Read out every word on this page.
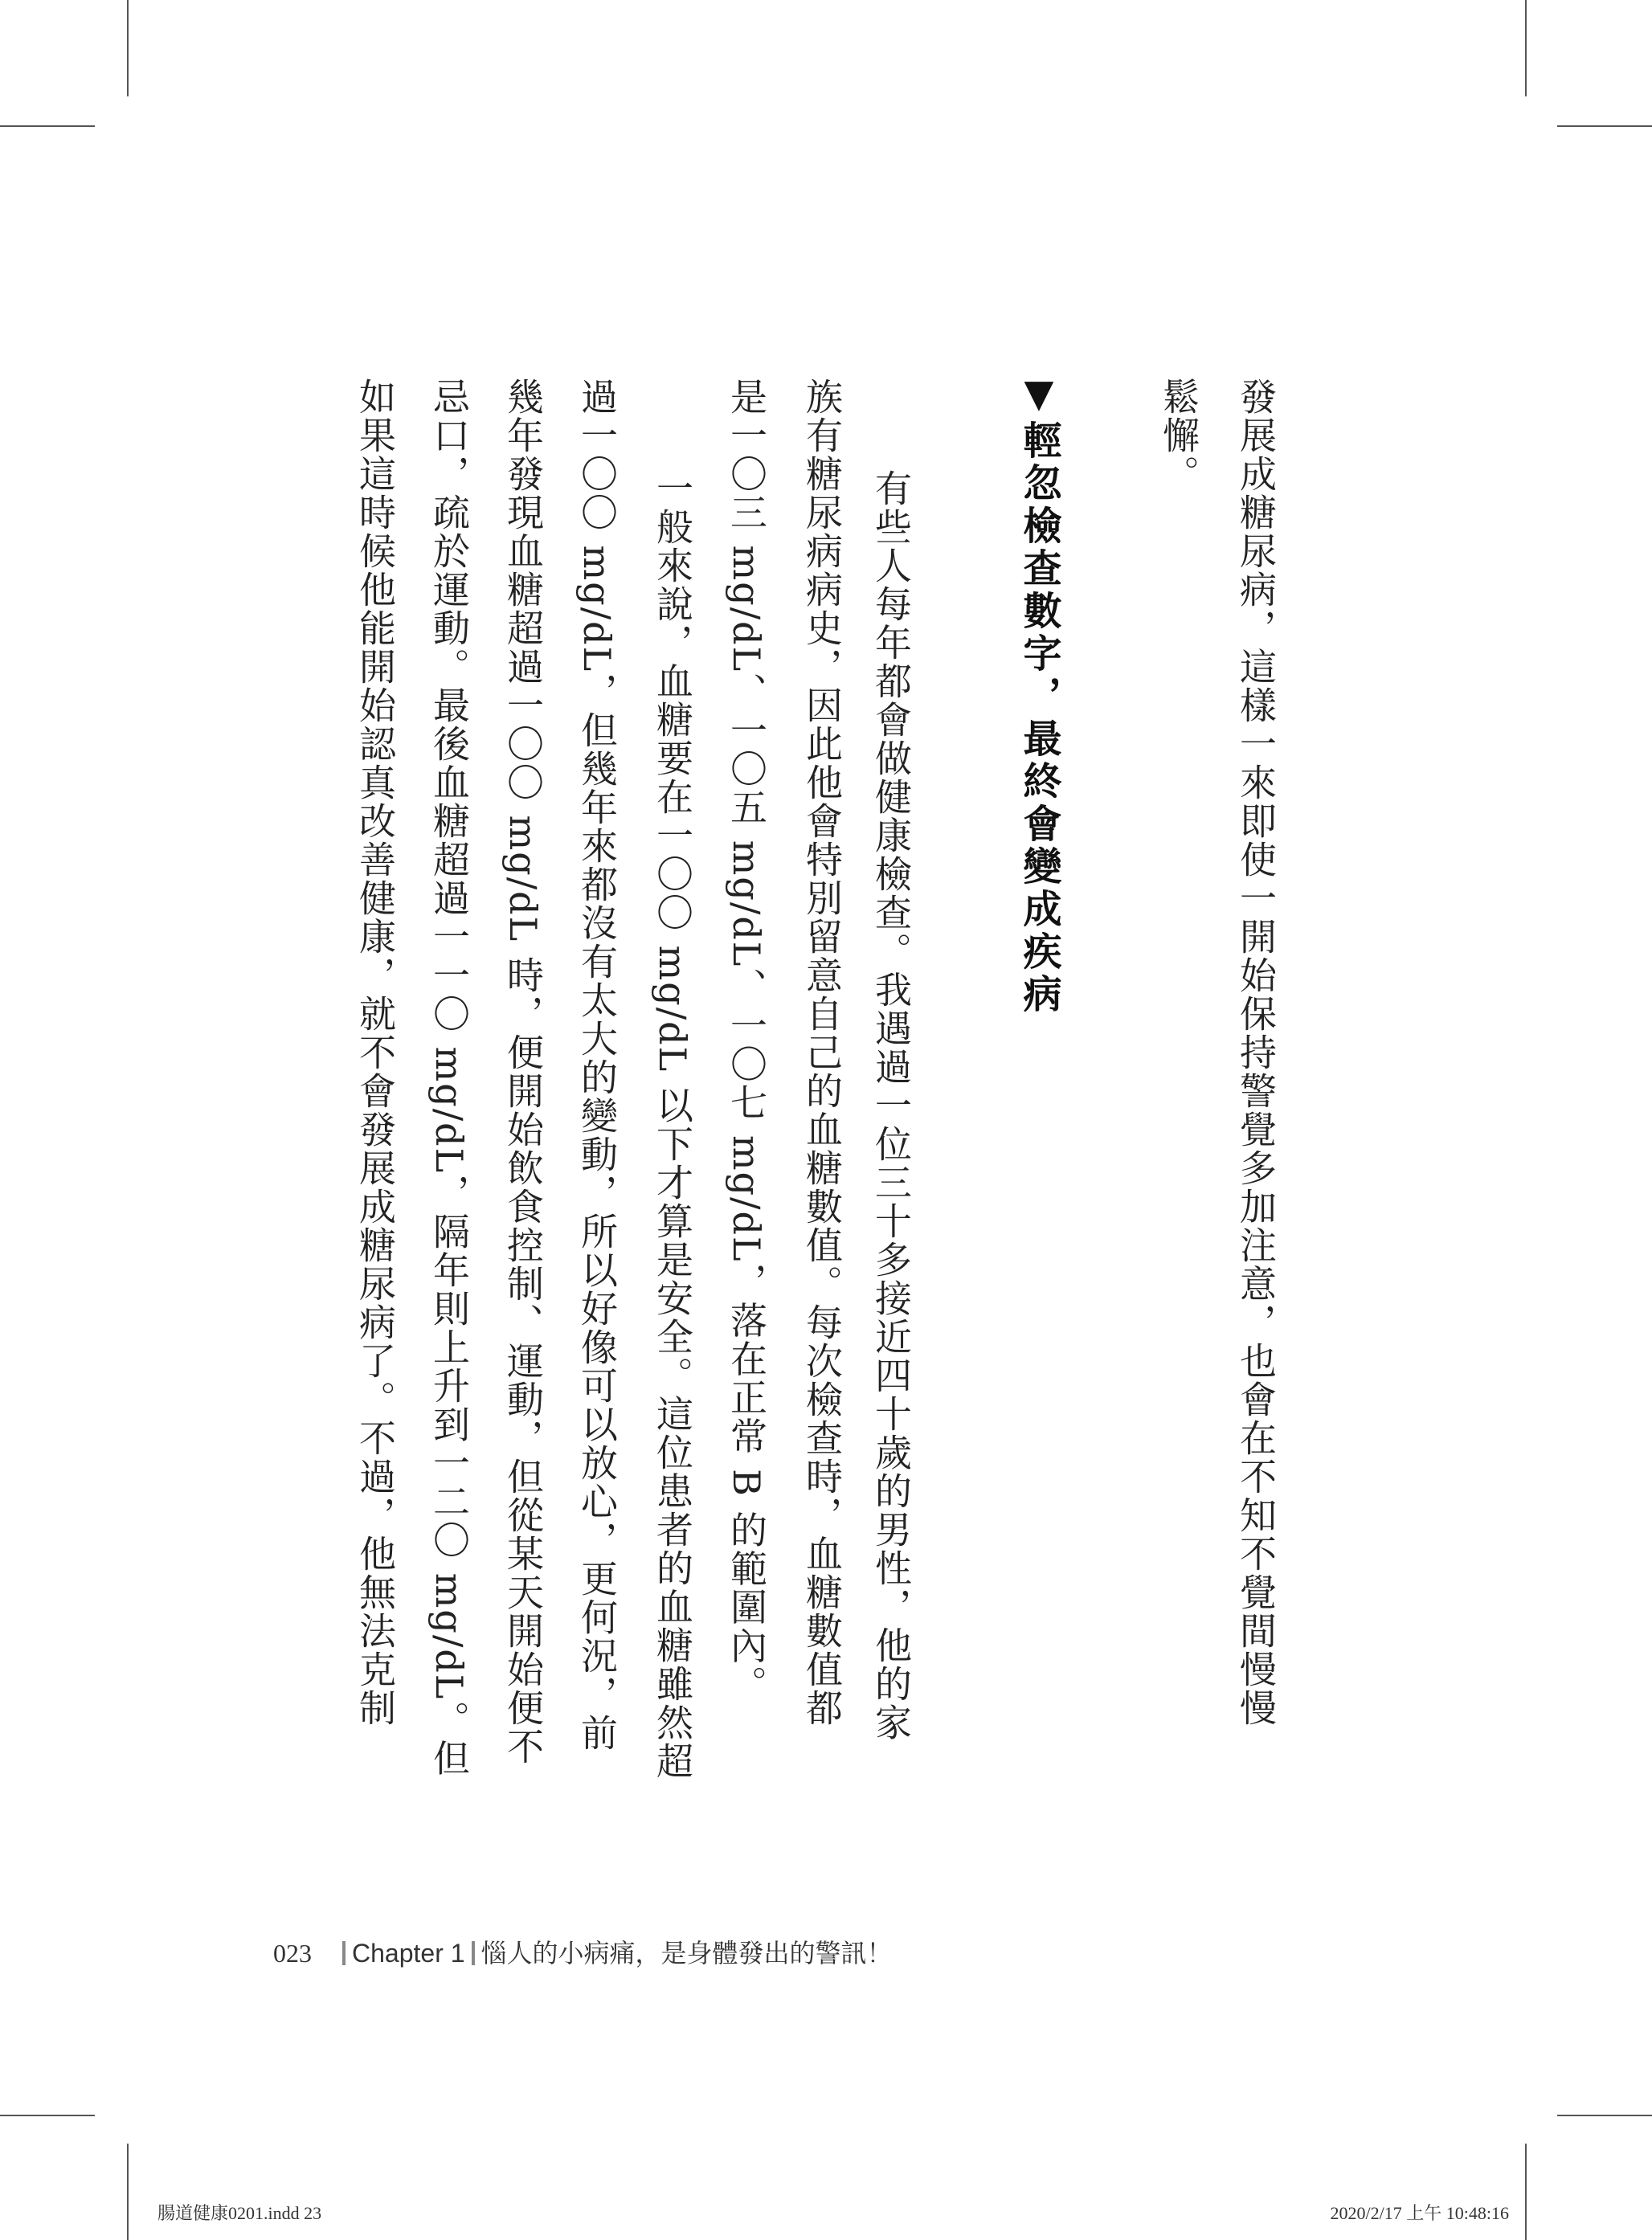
發展成糖尿病，這樣一來即使一開始保持警覺多加注意，也會在不知不覺間慢慢
鬆懈。
▼輕忽檢查數字，最終會變成疾病
有些人每年都會做健康檢查。我遇過一位三十多接近四十歲的男性，他的家
族有糖尿病病史，因此他會特別留意自己的血糖數值。每次檢查時，血糖數值都
是一〇三 mg/dL、一〇五 mg/dL、一〇七 mg/dL，落在正常 B 的範圍內。
一般來說，血糖要在一〇〇 mg/dL 以下才算是安全。這位患者的血糖雖然超
過一〇〇 mg/dL，但幾年來都沒有太大的變動，所以好像可以放心，更何況，前
幾年發現血糖超過一〇〇 mg/dL 時，便開始飲食控制、運動，但從某天開始便不
忌口，疏於運動。最後血糖超過一一〇 mg/dL，隔年則上升到一二〇 mg/dL。但
如果這時候他能開始認真改善健康，就不會發展成糖尿病了。不過，他無法克制
023 Chapter 1 惱人的小病痛，是身體發出的警訊！
腸道健康0201.indd 23	2020/2/17 上午 10:48:16
